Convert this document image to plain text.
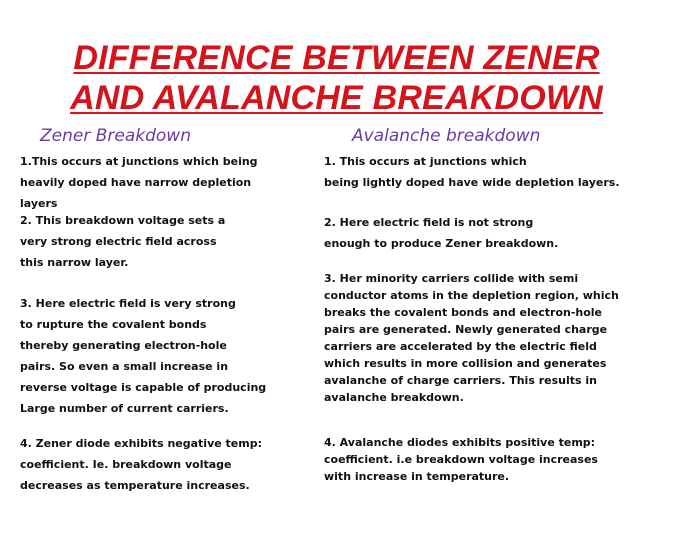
DIFFERENCE BETWEEN ZENER
AND AVALANCHE BREAKDOWN
Zener Breakdown	Avalanche breakdown
1.This occurs at junctions which being
heavily doped have narrow depletion
layers
2. This breakdown voltage sets a
very strong electric field across
this narrow layer.
3. Here electric field is very strong
to rupture the covalent bonds
thereby generating electron-hole
pairs. So even a small increase in
reverse voltage is capable of producing
Large number of current carriers.
4. Zener diode exhibits negative temp:
coefficient. Ie. breakdown voltage
decreases as temperature increases.
1. This occurs at junctions which
being lightly doped have wide depletion layers.
2. Here electric field is not strong
enough to produce Zener breakdown.
3. Her minority carriers collide with semi
conductor atoms in the depletion region, which
breaks the covalent bonds and electron-hole
pairs are generated. Newly generated charge
carriers are accelerated by the electric field
which results in more collision and generates
avalanche of charge carriers. This results in
avalanche breakdown.
4. Avalanche diodes exhibits positive temp:
coefficient. i.e breakdown voltage increases
with increase in temperature.
